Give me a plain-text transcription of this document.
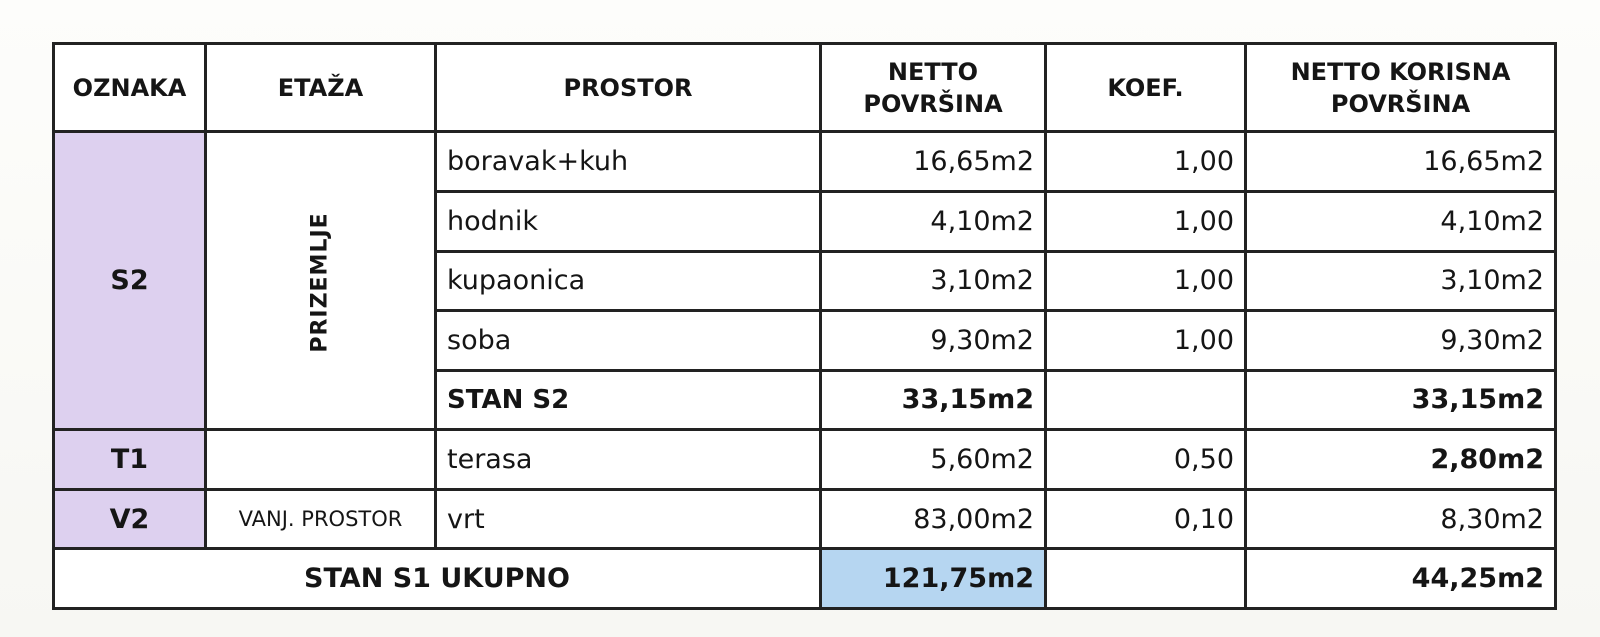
OZNAKA	ETAŽA	PROSTOR	NETTO POVRŠINA	KOEF.	NETTO KORISNA POVRŠINA
S2	PRIZEMLJE	boravak+kuh	16,65m2	1,00	16,65m2
		hodnik	4,10m2	1,00	4,10m2
		kupaonica	3,10m2	1,00	3,10m2
		soba	9,30m2	1,00	9,30m2
		STAN S2	33,15m2		33,15m2
T1		terasa	5,60m2	0,50	2,80m2
V2	VANJ. PROSTOR	vrt	83,00m2	0,10	8,30m2
STAN S1 UKUPNO			121,75m2		44,25m2
